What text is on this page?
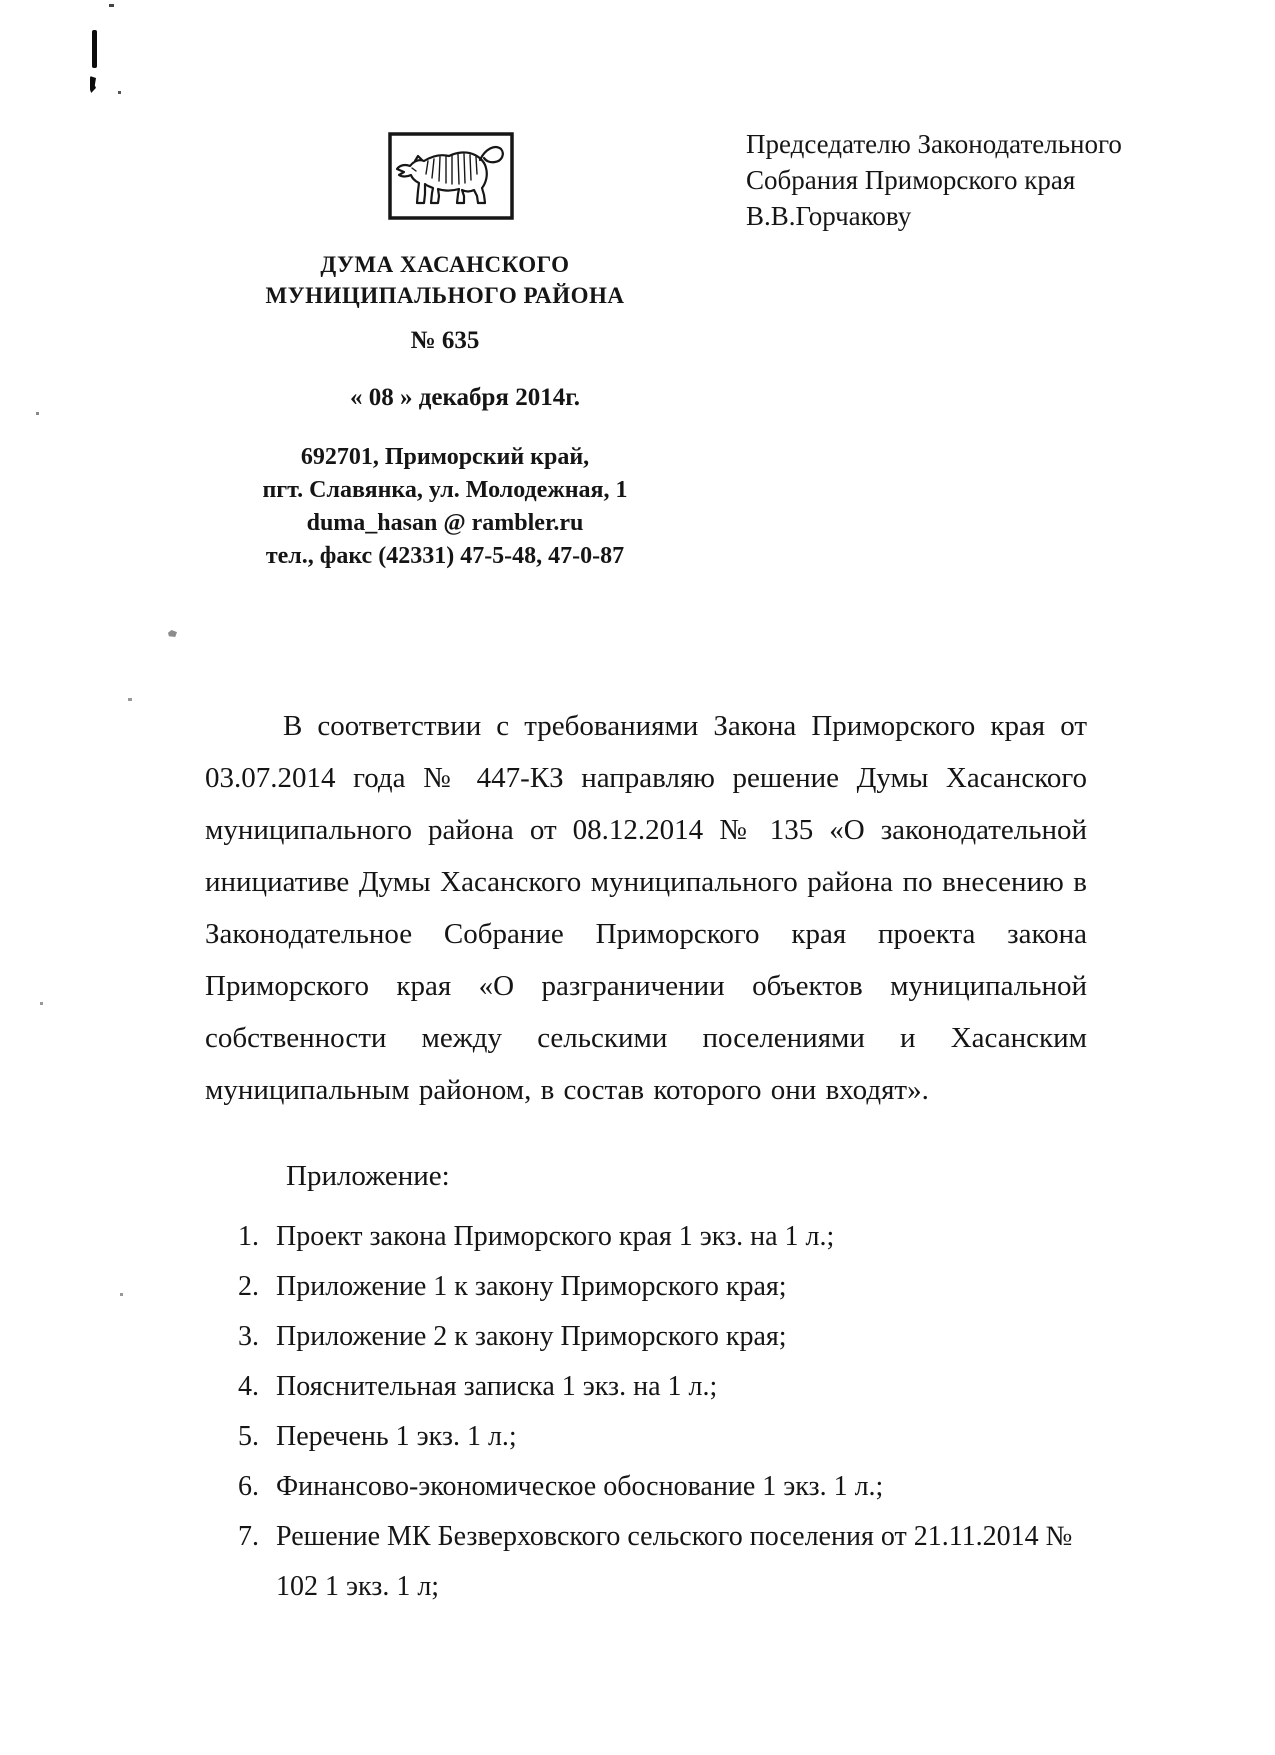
ДУМА ХАСАНСКОГО
МУНИЦИПАЛЬНОГО РАЙОНА
№ 635
« 08 » декабря 2014г.
692701, Приморский край,
пгт. Славянка, ул. Молодежная, 1
duma_hasan @ rambler.ru
тел., факс (42331) 47-5-48, 47-0-87
Председателю Законодательного
Собрания Приморского края
В.В.Горчакову
В соответствии с требованиями Закона Приморского края от 03.07.2014 года № 447-КЗ направляю решение Думы Хасанского муниципального района от 08.12.2014 № 135 «О законодательной инициативе Думы Хасанского муниципального района по внесению в Законодательное Собрание Приморского края проекта закона Приморского края «О разграничении объектов муниципальной собственности между сельскими поселениями и Хасанским муниципальным районом, в состав которого они входят».
Приложение:
1. Проект закона Приморского края 1 экз. на 1 л.;
2. Приложение 1 к закону Приморского края;
3. Приложение 2 к закону Приморского края;
4. Пояснительная записка 1 экз. на 1 л.;
5. Перечень 1 экз. 1 л.;
6. Финансово-экономическое обоснование 1 экз. 1 л.;
7. Решение МК Безверховского сельского поселения от 21.11.2014 № 102 1 экз. 1 л;
